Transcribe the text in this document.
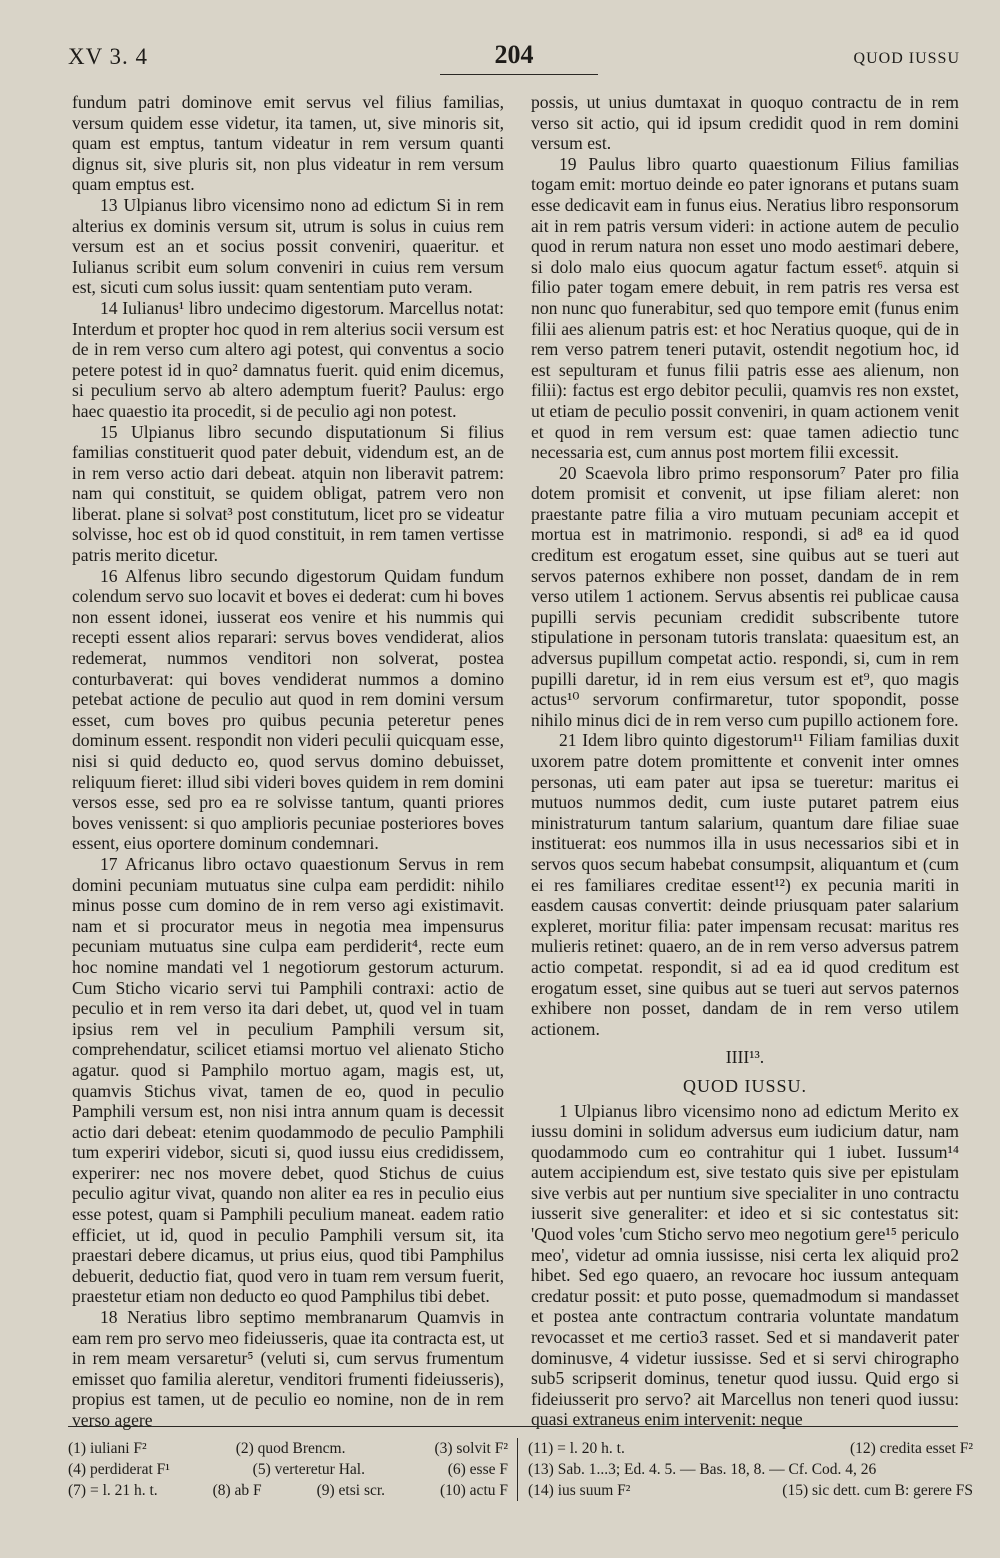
XV 3. 4	204	QUOD IUSSU

fundum patri dominove emit servus vel filius familias, versum quidem esse videtur, ita tamen, ut, sive minoris sit, quam est emptus, tantum videatur in rem versum quanti dignus sit, sive pluris sit, non plus videatur in rem versum quam emptus est.

13 Ulpianus libro vicensimo nono ad edictum Si in rem alterius ex dominis versum sit, utrum is solus in cuius rem versum est an et socius possit conveniri, quaeritur. et Iulianus scribit eum solum conveniri in cuius rem versum est, sicuti cum solus iussit: quam sententiam puto veram.

14 Iulianus¹ libro undecimo digestorum. Marcellus notat: Interdum et propter hoc quod in rem alterius socii versum est de in rem verso cum altero agi potest, qui conventus a socio petere potest id in quo² damnatus fuerit. quid enim dicemus, si peculium servo ab altero ademptum fuerit? Paulus: ergo haec quaestio ita procedit, si de peculio agi non potest.

15 Ulpianus libro secundo disputationum Si filius familias constituerit quod pater debuit, videndum est, an de in rem verso actio dari debeat. atquin non liberavit patrem: nam qui constituit, se quidem obligat, patrem vero non liberat. plane si solvat³ post constitutum, licet pro se videatur solvisse, hoc est ob id quod constituit, in rem tamen vertisse patris merito dicetur.

16 Alfenus libro secundo digestorum Quidam fundum colendum servo suo locavit et boves ei dederat: cum hi boves non essent idonei, iusserat eos venire et his nummis qui recepti essent alios repararі: servus boves vendiderat, alios redemerat, nummos venditori non solverat, postea conturbaverat: qui boves vendiderat nummos a domino petebat actione de peculio aut quod in rem domini versum esset, cum boves pro quibus pecunia peteretur penes dominum essent. respondit non videri peculii quicquam esse, nisi si quid deducto eo, quod servus domino debuisset, reliquum fieret: illud sibi videri boves quidem in rem domini versos esse, sed pro ea re solvisse tantum, quanti priores boves venissent: si quo amplioris pecuniae posteriores boves essent, eius oportere dominum condemnari.

17 Africanus libro octavo quaestionum Servus in rem domini pecuniam mutuatus sine culpa eam perdidit: nihilo minus posse cum domino de in rem verso agi existimavit. nam et si procurator meus in negotia mea impensurus pecuniam mutuatus sine culpa eam perdiderit⁴, recte eum hoc nomine mandati vel 1 negotiorum gestorum acturum. Cum Sticho vicario servi tui Pamphili contraxi: actio de peculio et in rem verso ita dari debet, ut, quod vel in tuam ipsius rem vel in peculium Pamphili versum sit, comprehendatur, scilicet etiamsi mortuo vel alienato Sticho agatur. quod si Pamphilo mortuo agam, magis est, ut, quamvis Stichus vivat, tamen de eo, quod in peculio Pamphili versum est, non nisi intra annum quam is decessit actio dari debeat: etenim quodammodo de peculio Pamphili tum experiri videbor, sicuti si, quod iussu eius credidissem, experirer: nec nos movere debet, quod Stichus de cuius peculio agitur vivat, quando non aliter ea res in peculio eius esse potest, quam si Pamphili peculium maneat. eadem ratio efficiet, ut id, quod in peculio Pamphili versum sit, ita praestari debere dicamus, ut prius eius, quod tibi Pamphilus debuerit, deductio fiat, quod vero in tuam rem versum fuerit, praestetur etiam non deducto eo quod Pamphilus tibi debet.

18 Neratius libro septimo membranarum Quamvis in eam rem pro servo meo fideiusseris, quae ita contracta est, ut in rem meam versaretur⁵ (veluti si, cum servus frumentum emisset quo familia aleretur, venditori frumenti fideiusseris), propius est tamen, ut de peculio eo nomine, non de in rem verso agere

possis, ut unius dumtaxat in quoquo contractu de in rem verso sit actio, qui id ipsum credidit quod in rem domini versum est.

19 Paulus libro quarto quaestionum Filius familias togam emit: mortuo deinde eo pater ignorans et putans suam esse dedicavit eam in funus eius. Neratius libro responsorum ait in rem patris versum videri: in actione autem de peculio quod in rerum natura non esset uno modo aestimari debere, si dolo malo eius quocum agatur factum esset⁶. atquin si filio pater togam emere debuit, in rem patris res versa est non nunc quo funerabitur, sed quo tempore emit (funus enim filii aes alienum patris est: et hoc Neratius quoque, qui de in rem verso patrem teneri putavit, ostendit negotium hoc, id est sepulturam et funus filii patris esse aes alienum, non filii): factus est ergo debitor peculii, quamvis res non exstet, ut etiam de peculio possit conveniri, in quam actionem venit et quod in rem versum est: quae tamen adiectio tunc necessaria est, cum annus post mortem filii excessit.

20 Scaevola libro primo responsorum⁷ Pater pro filia dotem promisit et convenit, ut ipse filiam aleret: non praestante patre filia a viro mutuam pecuniam accepit et mortua est in matrimonio. respondi, si ad⁸ ea id quod creditum est erogatum esset, sine quibus aut se tueri aut servos paternos exhibere non posset, dandam de in rem verso utilem 1 actionem. Servus absentis rei publicae causa pupilli servis pecuniam credidit subscribente tutore stipulatione in personam tutoris translata: quaesitum est, an adversus pupillum competat actio. respondi, si, cum in rem pupilli daretur, id in rem eius versum est et⁹, quo magis actus¹⁰ servorum confirmaretur, tutor spopondit, posse nihilo minus dici de in rem verso cum pupillo actionem fore.

21 Idem libro quinto digestorum¹¹ Filiam familias duxit uxorem patre dotem promittente et convenit inter omnes personas, uti eam pater aut ipsa se tueretur: maritus ei mutuos nummos dedit, cum iuste putaret patrem eius ministraturum tantum salarium, quantum dare filiae suae instituerat: eos nummos illa in usus necessarios sibi et in servos quos secum habebat consumpsit, aliquantum et (cum ei res familiares creditae essent¹²) ex pecunia mariti in easdem causas convertit: deinde priusquam pater salarium expleret, moritur filia: pater impensam recusat: maritus res mulieris retinet: quaero, an de in rem verso adversus patrem actio competat. respondit, si ad ea id quod creditum est erogatum esset, sine quibus aut se tueri aut servos paternos exhibere non posset, dandam de in rem verso utilem actionem.

IIII¹³.

QUOD IUSSU.

1 Ulpianus libro vicensimo nono ad edictum Merito ex iussu domini in solidum adversus eum iudicium datur, nam quodammodo cum eo contrahitur qui 1 iubet. Iussum¹⁴ autem accipiendum est, sive testato quis sive per epistulam sive verbis aut per nuntium sive specialiter in uno contractu iusserit sive generaliter: et ideo et si sic contestatus sit: 'Quod voles 'cum Sticho servo meo negotium gere¹⁵ periculo meo', videtur ad omnia iussisse, nisi certa lex aliquid pro2 hibet. Sed ego quaero, an revocare hoc iussum antequam credatur possit: et puto posse, quemadmodum si mandasset et postea ante contractum contraria voluntate mandatum revocasset et me certio3 rasset. Sed et si mandaverit pater dominusve, 4 videtur iussisse. Sed et si servi chirographo sub5 scripserit dominus, tenetur quod iussu. Quid ergo si fideiusserit pro servo? ait Marcellus non teneri quod iussu: quasi extraneus enim intervenit: neque

(1) iuliani F²	(2) quod Brencm.	(3) solvit F²
(4) perdiderat F¹	(5) verteretur Hal.	(6) esse F
(7) = l. 21 h. t.	(8) ab F	(9) etsi scr.	(10) actu F
(11) = l. 20 h. t.	(12) credita esset F²
(13) Sab. 1...3; Ed. 4. 5. — Bas. 18, 8. — Cf. Cod. 4, 26
(14) ius suum F²	(15) sic dett. cum B: gerere FS
